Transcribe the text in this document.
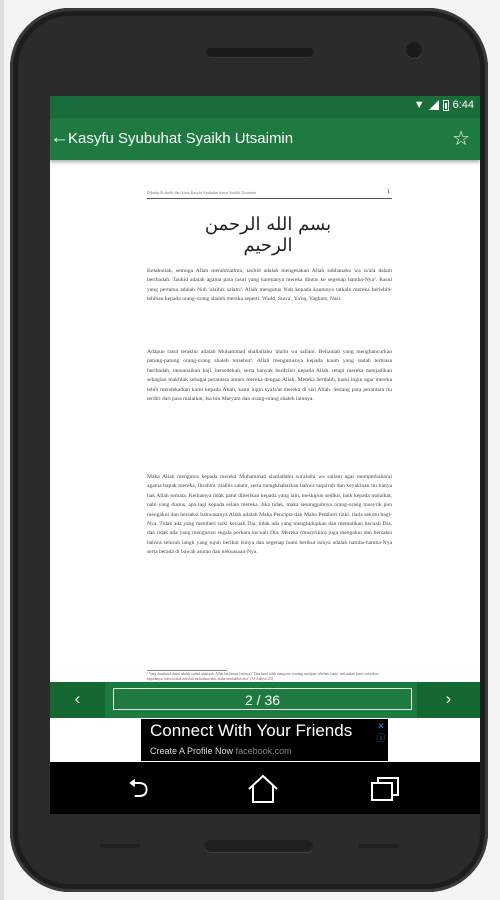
▼	6:44
← Kasyfu Syubuhat Syaikh Utsaimin	☆
Dikutip & diedit dari kitab Kasyfu Syubuhat karya Syaikh Utsaimin	1
بسم الله الرحمن الرحيم
Ketahuilah, semoga Allah merahmatimu, tauhid adalah mengesakan Allah subhanahu wa ta'ala dalam beribadah. Tauhid adalah agama para rasul yang karenanya mereka diutus ke segenap hamba-Nya¹. Rasul yang pertama adalah Nuh 'alaihis salam². Allah mengutus Nuh kepada kaumnya tatkala mereka berlebih-lebihan kepada orang-orang shaleh mereka seperti: Wadd, Suwa', Ya'uq, Yaghuts, Nasr.
Adapun rasul terakhir adalah Muhammad shallallahu 'alaihi wa sallam. Beliaulah yang menghancurkan patung-patung orang-orang shaleh tersebut³. Allah mengutusnya kepada kaum yang sudah terbiasa beribadah, menunaikan haji, bersedekah, serta banyak berdzikir kepada Allah. tetapi mereka menjadikan sebagian makhluk sebagai perantara antara mereka dengan Allah. Mereka berdalih, kami ingin agar mereka lebih mendekatkan kami kepada Allah, kami ingin syafa'at mereka di sisi Allah. Sedang para perantara itu terdiri dari para malaikat, Isa bin Maryam dan orang-orang shaleh lainnya.
Maka Allah mengutus kepada mereka Muhammad shallallahu wa'alaihi wa sallam agar memperbaharui agama bapak mereka, Ibrahim 'alaihis salam, serta mengkhabarkan bahwa taqarrub dan keyakinan itu hanya hak Allah semata. Keduanya tidak patut diberikan kepada yang lain, meskipun sedikit, baik kepada malaikat, nabi yang diutus, apa lagi kepada selain mereka. Jika tidak, maka sesungguhnya orang-orang musyrik pun mengakui dan bersaksi bahwasanya Allah adalah Maha Pencipta dan Maha Pemberi rizki. tiada sekutu bagi-Nya. Tidak ada yang memberi rizki kecuali Dia, tidak ada yang menghidupkan dan mematikan kecuali Dia, dan tidak ada yang mengurusi segala perkara kecuali Dia. Mereka (musyrikin) juga mengakui dan bersaksi bahwa seluruh langit yang tujuh berikut isinya dan segenap bumi berikut isinya adalah hamba-hamba-Nya serta berada di bawah aturan dan kekuasaan-Nya.
¹ Yang dimaksud disini adalah tauhid uluhiyah, Allah berfirman (artinya) "Dan kami tidak mengutus seorang rasulpun sebelum kamu, melainkan kami wahyukan kepadanya, bahwa tidak ada ilah melainkan aku, maka sembahlah aku" (Al-Anbiya':25)
‹	2 / 36	›
Connect With Your Friends
Create A Profile Now facebook.com
✕
ⓘ
⮌
